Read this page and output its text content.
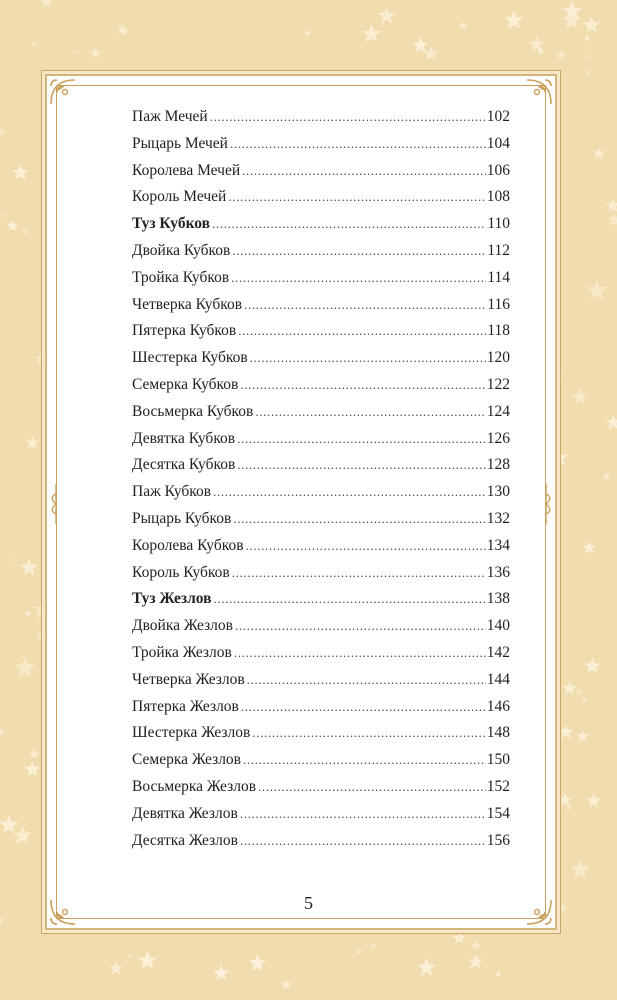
Паж Мечей . . .	102
Рыцарь Мечей . . .	104
Королева Мечей . . .	106
Король Мечей . . .	108
Туз Кубков . . .	110
Двойка Кубков . . .	112
Тройка Кубков . . .	114
Четверка Кубков . . .	116
Пятерка Кубков . . .	118
Шестерка Кубков . . .	120
Семерка Кубков . . .	122
Восьмерка Кубков . . .	124
Девятка Кубков . . .	126
Десятка Кубков . . .	128
Паж Кубков . . .	130
Рыцарь Кубков . . .	132
Королева Кубков . . .	134
Король Кубков . . .	136
Туз Жезлов . . .	138
Двойка Жезлов . . .	140
Тройка Жезлов . . .	142
Четверка Жезлов . . .	144
Пятерка Жезлов . . .	146
Шестерка Жезлов . . .	148
Семерка Жезлов . . .	150
Восьмерка Жезлов . . .	152
Девятка Жезлов . . .	154
Десятка Жезлов . . .	156
5
